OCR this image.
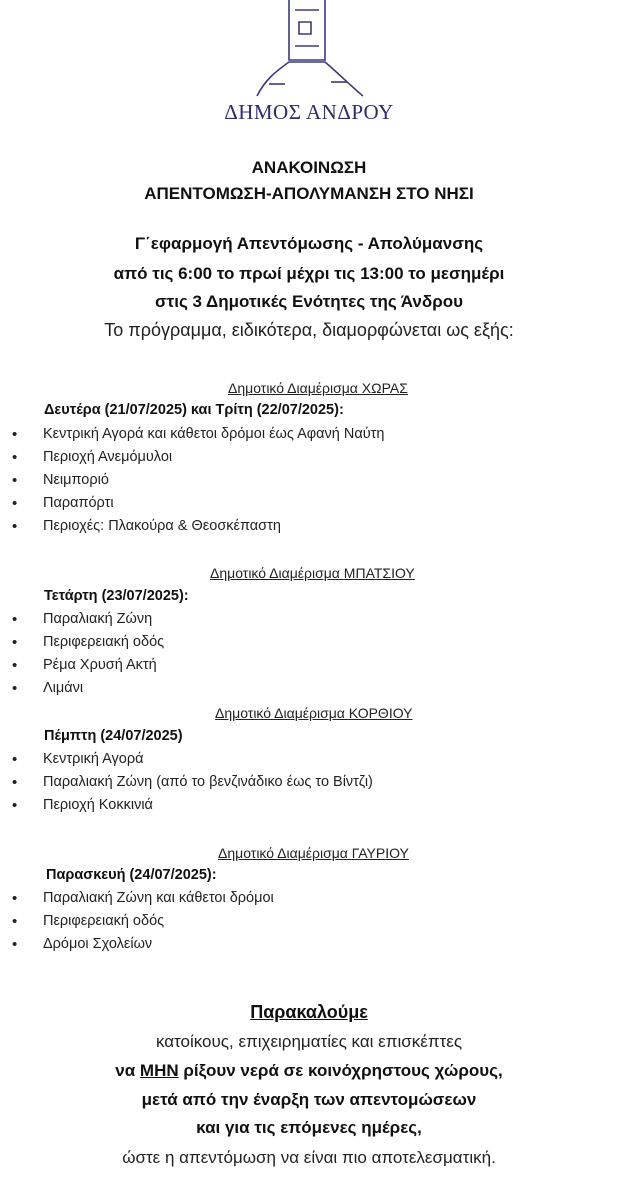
ΔΗΜΟΣ ΑΝΔΡΟΥ
ΑΝΑΚΟΙΝΩΣΗ
ΑΠΕΝΤΟΜΩΣΗ-ΑΠΟΛΥΜΑΝΣΗ ΣΤΟ ΝΗΣΙ
Γ΄εφαρμογή Απεντόμωσης - Απολύμανσης
από τις 6:00 το πρωί μέχρι τις 13:00 το μεσημέρι
στις 3 Δημοτικές Ενότητες της Άνδρου
Το πρόγραμμα, ειδικότερα, διαμορφώνεται ως εξής:
Δημοτικό Διαμέρισμα ΧΩΡΑΣ
Δευτέρα (21/07/2025) και Τρίτη (22/07/2025):
• Κεντρική Αγορά και κάθετοι δρόμοι έως Αφανή Ναύτη
• Περιοχή Ανεμόμυλοι
• Νειμποριό
• Παραπόρτι
• Περιοχές: Πλακούρα & Θεοσκέπαστη
Δημοτικό Διαμέρισμα ΜΠΑΤΣΙΟΥ
Τετάρτη (23/07/2025):
• Παραλιακή Ζώνη
• Περιφερειακή οδός
• Ρέμα Χρυσή Ακτή
• Λιμάνι
Δημοτικό Διαμέρισμα ΚΟΡΘΙΟΥ
Πέμπτη (24/07/2025)
• Κεντρική Αγορά
• Παραλιακή Ζώνη (από το βενζινάδικο έως το Βίντζι)
• Περιοχή Κοκκινιά
Δημοτικό Διαμέρισμα ΓΑΥΡΙΟΥ
Παρασκευή (24/07/2025):
• Παραλιακή Ζώνη και κάθετοι δρόμοι
• Περιφερειακή οδός
• Δρόμοι Σχολείων
Παρακαλούμε
κατοίκους, επιχειρηματίες και επισκέπτες
να ΜΗΝ ρίξουν νερά σε κοινόχρηστους χώρους,
μετά από την έναρξη των απεντομώσεων
και για τις επόμενες ημέρες,
ώστε η απεντόμωση να είναι πιο αποτελεσματική.
